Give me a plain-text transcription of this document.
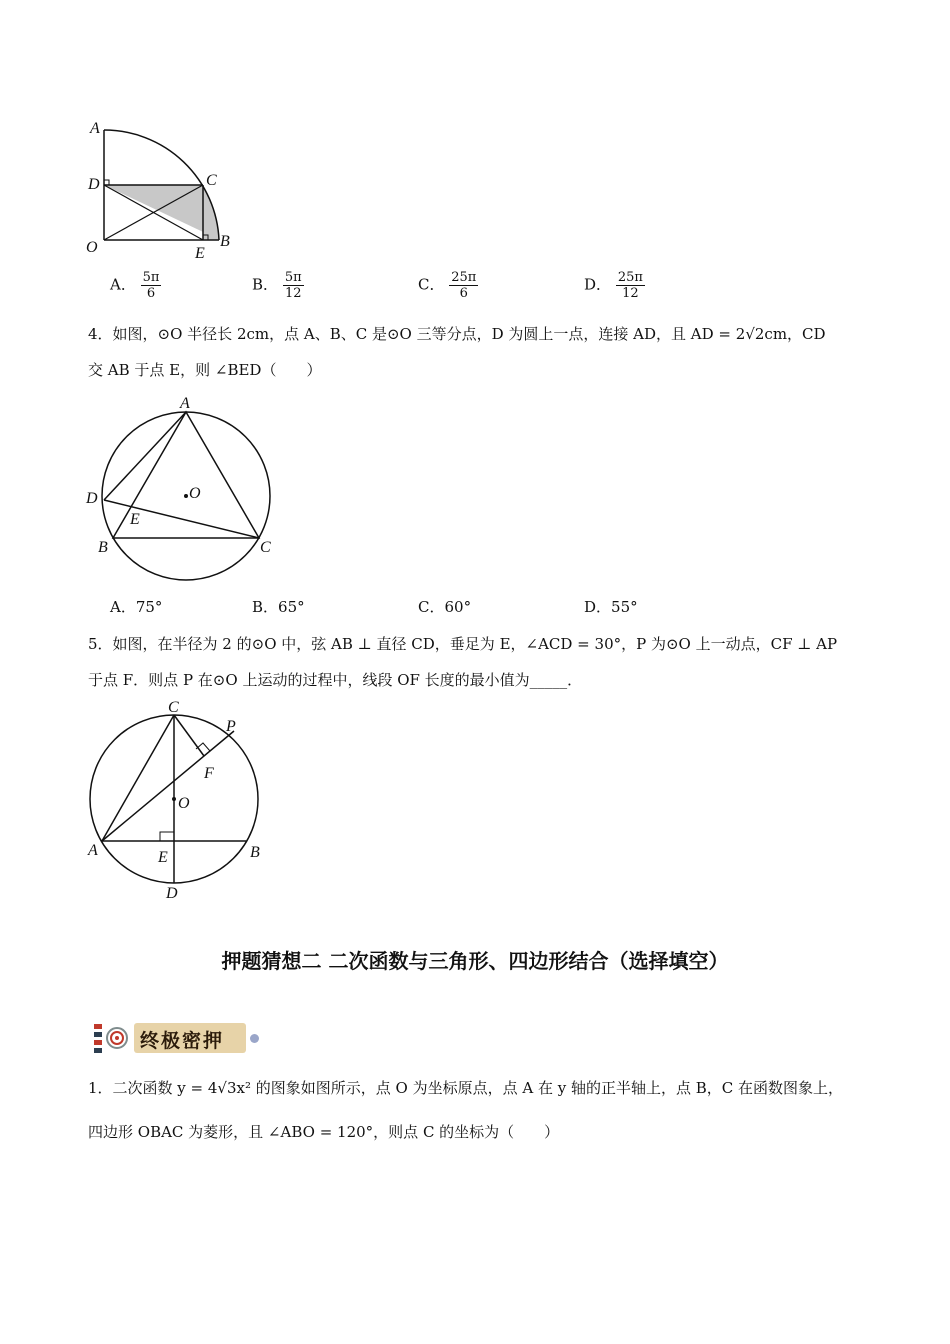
A
C
D
O	E
B
A． $\frac{5\pi}{6}$	B． $\frac{5\pi}{12}$	C． $\frac{25\pi}{6}$	D． $\frac{25\pi}{12}$
4．如图，⊙O 半径长 2cm，点 A、B、C 是⊙O 三等分点，D 为圆上一点，连接 AD，且 AD = 2√2cm，CD
交 AB 于点 E，则 ∠BED（　　）
A
O
D
E
B	C
A．75°	B．65°	C．60°	D．55°
5．如图，在半径为 2 的⊙O 中，弦 AB ⊥ 直径 CD，垂足为 E，∠ACD = 30°，P 为⊙O 上一动点，CF ⊥ AP
于点 F．则点 P 在⊙O 上运动的过程中，线段 OF 长度的最小值为_____．
C
P
F
O
A	E	B
D
押题猜想二 二次函数与三角形、四边形结合（选择填空）
终极密押
1．二次函数 y = 4√3x² 的图象如图所示，点 O 为坐标原点，点 A 在 y 轴的正半轴上，点 B，C 在函数图象上，
四边形 OBAC 为菱形，且 ∠ABO = 120°，则点 C 的坐标为（　　）
